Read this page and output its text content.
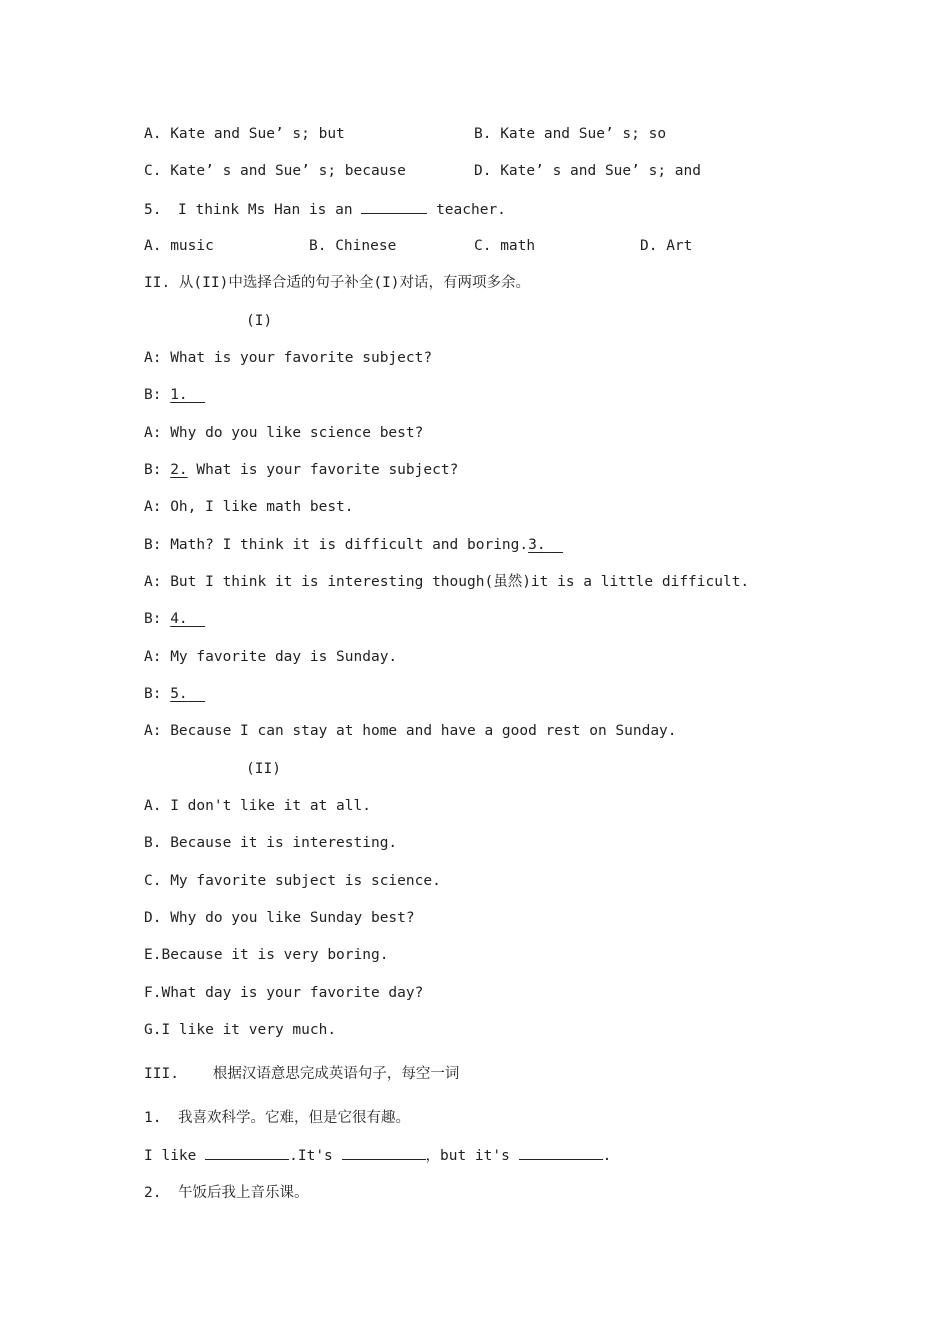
A. Kate and Sue’ s; but	B. Kate and Sue’ s; so
C. Kate’ s and Sue’ s; because	D. Kate’ s and Sue’ s; and
5. I think Ms Han is an	teacher.
A. music	B. Chinese	C. math	D. Art
II. 从(II)中选择合适的句子补全(I)对话，有两项多余。
(I)
A: What is your favorite subject?
B: 1.
A: Why do you like science best?
B: 2. What is your favorite subject?
A: Oh, I like math best.
B: Math? I think it is difficult and boring.3.
A: But I think it is interesting though(虽然)it is a little difficult.
B: 4.
A: My favorite day is Sunday.
B: 5.
A: Because I can stay at home and have a good rest on Sunday.
(II)
A. I don't like it at all.
B. Because it is interesting.
C. My favorite subject is science.
D. Why do you like Sunday best?
E.Because it is very boring.
F.What day is your favorite day?
G.I like it very much.
III. 根据汉语意思完成英语句子，每空一词
1. 我喜欢科学。它难，但是它很有趣。
I like	.It's	，but it's	.
2. 午饭后我上音乐课。
